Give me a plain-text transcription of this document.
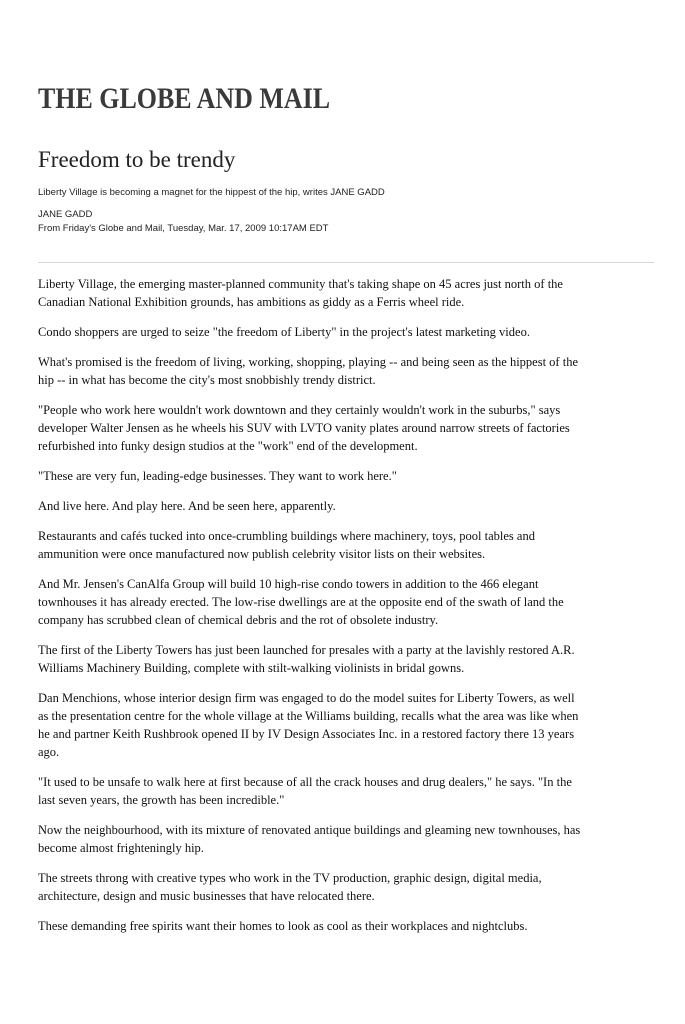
THE GLOBE AND MAIL
Freedom to be trendy
Liberty Village is becoming a magnet for the hippest of the hip, writes JANE GADD
JANE GADD
From Friday's Globe and Mail, Tuesday, Mar. 17, 2009 10:17AM EDT

Liberty Village, the emerging master-planned community that's taking shape on 45 acres just north of the
Canadian National Exhibition grounds, has ambitions as giddy as a Ferris wheel ride.

Condo shoppers are urged to seize "the freedom of Liberty" in the project's latest marketing video.

What's promised is the freedom of living, working, shopping, playing -- and being seen as the hippest of the
hip -- in what has become the city's most snobbishly trendy district.

"People who work here wouldn't work downtown and they certainly wouldn't work in the suburbs," says
developer Walter Jensen as he wheels his SUV with LVTO vanity plates around narrow streets of factories
refurbished into funky design studios at the "work" end of the development.

"These are very fun, leading-edge businesses. They want to work here."

And live here. And play here. And be seen here, apparently.

Restaurants and cafés tucked into once-crumbling buildings where machinery, toys, pool tables and
ammunition were once manufactured now publish celebrity visitor lists on their websites.

And Mr. Jensen's CanAlfa Group will build 10 high-rise condo towers in addition to the 466 elegant
townhouses it has already erected. The low-rise dwellings are at the opposite end of the swath of land the
company has scrubbed clean of chemical debris and the rot of obsolete industry.

The first of the Liberty Towers has just been launched for presales with a party at the lavishly restored A.R.
Williams Machinery Building, complete with stilt-walking violinists in bridal gowns.

Dan Menchions, whose interior design firm was engaged to do the model suites for Liberty Towers, as well
as the presentation centre for the whole village at the Williams building, recalls what the area was like when
he and partner Keith Rushbrook opened II by IV Design Associates Inc. in a restored factory there 13 years
ago.

"It used to be unsafe to walk here at first because of all the crack houses and drug dealers," he says. "In the
last seven years, the growth has been incredible."

Now the neighbourhood, with its mixture of renovated antique buildings and gleaming new townhouses, has
become almost frighteningly hip.

The streets throng with creative types who work in the TV production, graphic design, digital media,
architecture, design and music businesses that have relocated there.

These demanding free spirits want their homes to look as cool as their workplaces and nightclubs.
